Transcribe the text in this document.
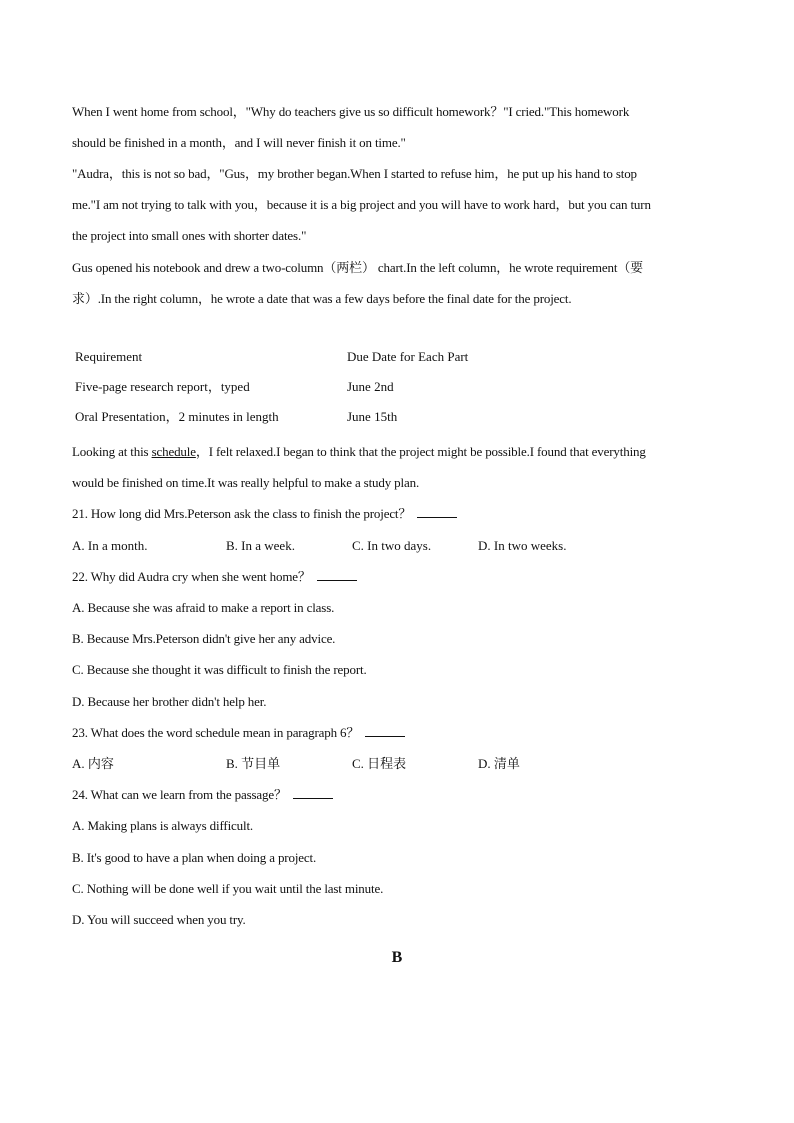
When I went home from school，"Why do teachers give us so difficult homework？"I cried."This homework
should be finished in a month，and I will never finish it on time."
"Audra，this is not so bad，"Gus，my brother began.When I started to refuse him，he put up his hand to stop
me."I am not trying to talk with you，because it is a big project and you will have to work hard，but you can turn
the project into small ones with shorter dates."
Gus opened his notebook and drew a two-column（两栏） chart.In the left column，he wrote requirement（要
求）.In the right column，he wrote a date that was a few days before the final date for the project.
Requirement	Due Date for Each Part
Five-page research report，typed	June 2nd
Oral Presentation，2 minutes in length	June 15th
Looking at this schedule，I felt relaxed.I began to think that the project might be possible.I found that everything
would be finished on time.It was really helpful to make a study plan.
21. How long did Mrs.Peterson ask the class to finish the project？
A. In a month.	B. In a week.	C. In two days.	D. In two weeks.
22. Why did Audra cry when she went home？
A. Because she was afraid to make a report in class.
B. Because Mrs.Peterson didn't give her any advice.
C. Because she thought it was difficult to finish the report.
D. Because her brother didn't help her.
23. What does the word schedule mean in paragraph 6？
A. 内容	B. 节目单	C. 日程表	D. 清单
24. What can we learn from the passage？
A. Making plans is always difficult.
B. It's good to have a plan when doing a project.
C. Nothing will be done well if you wait until the last minute.
D. You will succeed when you try.
B
